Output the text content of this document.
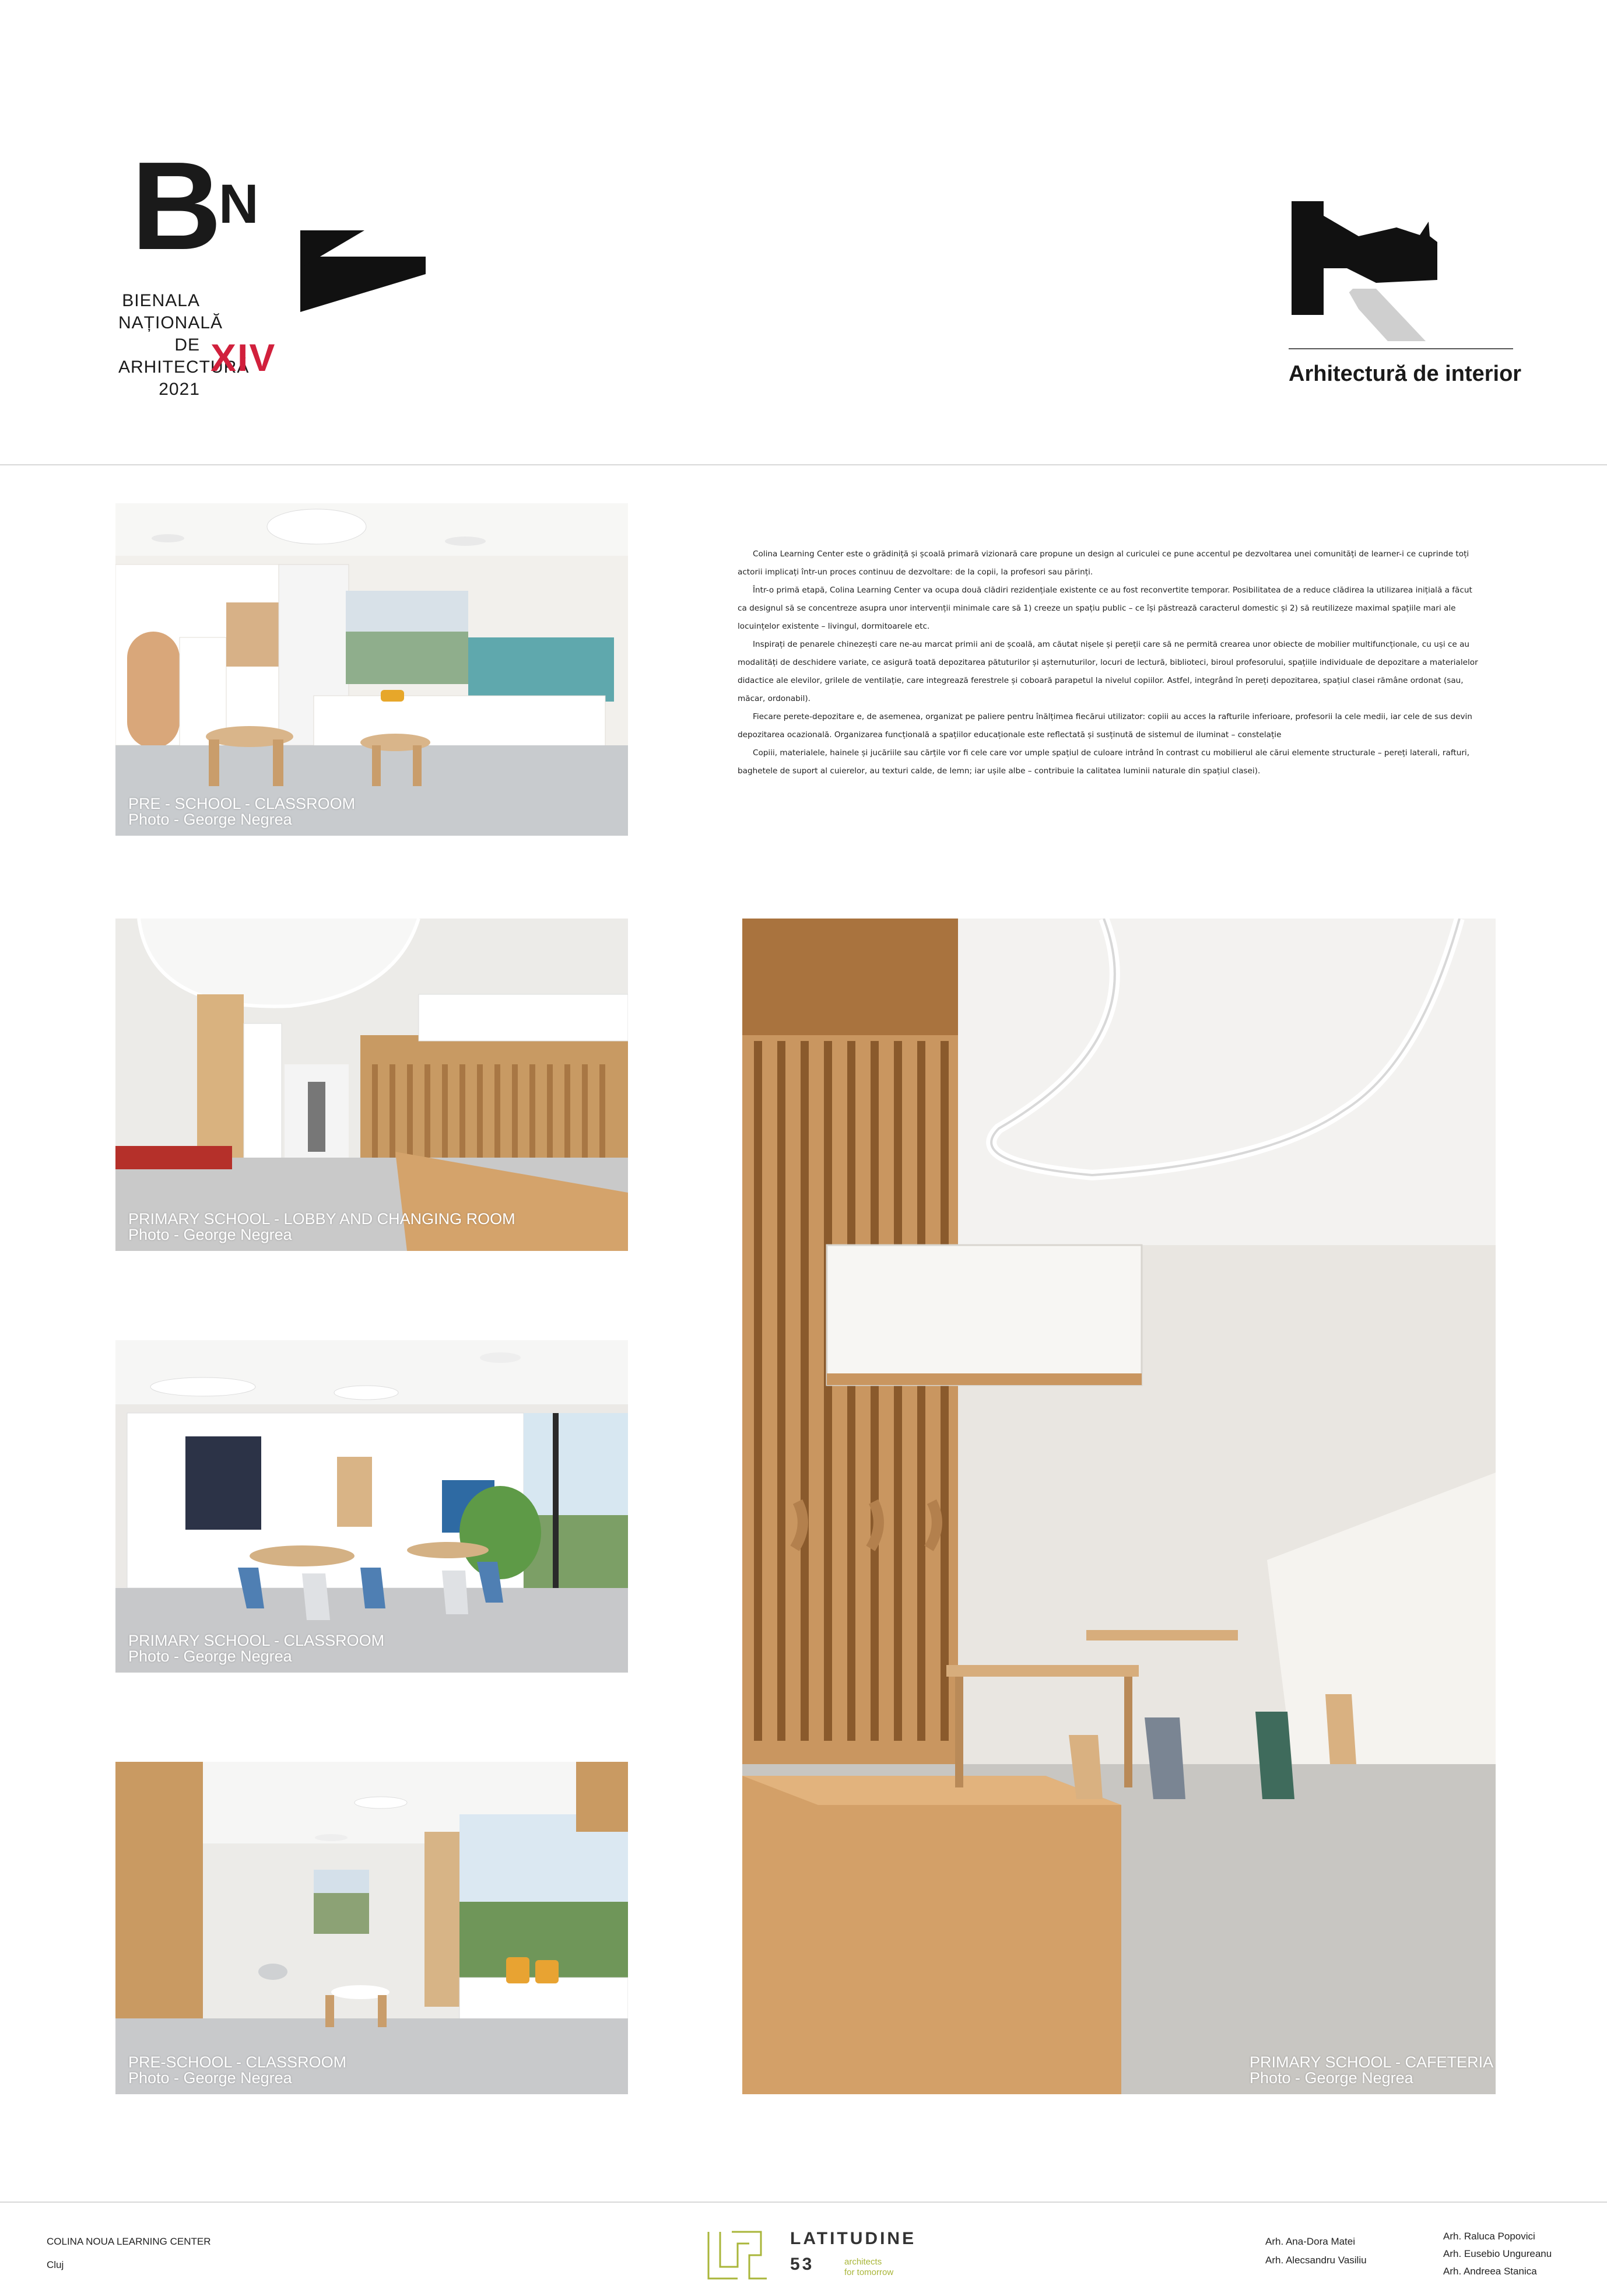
B N
BIENALA
NAȚIONALĂ
DE
ARHITECTURĂ
2021
XIV	Arhitectură de interior
PRE - SCHOOL - CLASSROOM
Photo - George Negrea

Colina Learning Center este o grădiniță și școală primară vizionară care propune un design al curiculei ce pune accentul pe dezvoltarea unei comunități de learner-i ce cuprinde toți actorii implicați într-un proces continuu de dezvoltare: de la copii, la profesori sau părinți.

Într-o primă etapă, Colina Learning Center va ocupa două clădiri rezidențiale existente ce au fost reconvertite temporar. Posibilitatea de a reduce clădirea la utilizarea inițială a făcut ca designul să se concentreze asupra unor intervenții minimale care să 1) creeze un spațiu public – ce își păstrează caracterul domestic și 2) să reutilizeze maximal spațiile mari ale locuințelor existente – livingul, dormitoarele etc.

Inspirați de penarele chinezești care ne-au marcat primii ani de școală, am căutat nișele și pereții care să ne permită crearea unor obiecte de mobilier multifuncționale, cu uși ce au modalități de deschidere variate, ce asigură toată depozitarea pătuturilor și așternuturilor, locuri de lectură, biblioteci, biroul profesorului, spațiile individuale de depozitare a materialelor didactice ale elevilor, grilele de ventilație, care integrează ferestrele și coboară parapetul la nivelul copiilor. Astfel, integrând în pereți depozitarea, spațiul clasei rămâne ordonat (sau, măcar, ordonabil).

Fiecare perete-depozitare e, de asemenea, organizat pe paliere pentru înălțimea fiecărui utilizator: copiii au acces la rafturile inferioare, profesorii la cele medii, iar cele de sus devin depozitarea ocazională. Organizarea funcțională a spațiilor educaționale este reflectată și susținută de sistemul de iluminat – constelație

Copiii, materialele, hainele și jucăriile sau cărțile vor fi cele care vor umple spațiul de culoare intrând în contrast cu mobilierul ale cărui elemente structurale – pereți laterali, rafturi, baghetele de suport al cuierelor, au texturi calde, de lemn; iar ușile albe – contribuie la calitatea luminii naturale din spațiul clasei).

PRIMARY SCHOOL - LOBBY AND CHANGING ROOM
Photo - George Negrea
PRIMARY SCHOOL - CLASSROOM
Photo - George Negrea
PRE-SCHOOL - CLASSROOM
Photo - George Negrea
PRIMARY SCHOOL - CAFETERIA
Photo - George Negrea
COLINA NOUA LEARNING CENTER
Cluj
LATITUDINE
53	architects
for tomorrow
Arh. Ana-Dora Matei
Arh. Alecsandru Vasiliu
Arh. Raluca Popovici
Arh. Eusebio Ungureanu
Arh. Andreea Stanica
